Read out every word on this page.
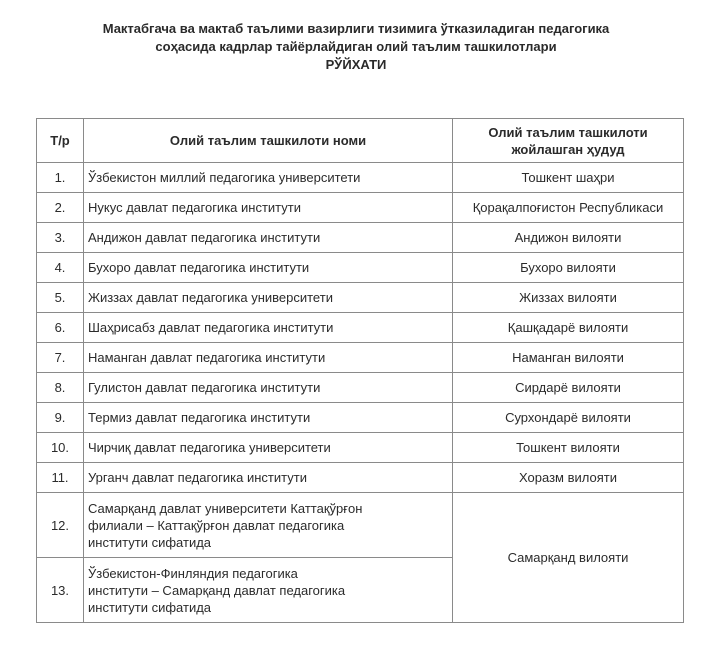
Мактабгача ва мактаб таълими вазирлиги тизимига ўтказиладиган педагогика
соҳасида кадрлар тайёрлайдиган олий таълим ташкилотлари
РЎЙХАТИ
Т/р	Олий таълим ташкилоти номи	Олий таълим ташкилоти
жойлашган ҳудуд

1.	Ўзбекистон миллий педагогика университети	Тошкент шаҳри
2.	Нукус давлат педагогика институти	Қорақалпоғистон Республикаси
3.	Андижон давлат педагогика институти	Андижон вилояти
4.	Бухоро давлат педагогика институти	Бухоро вилояти
5.	Жиззах давлат педагогика университети	Жиззах вилояти
6.	Шаҳрисабз давлат педагогика институти	Қашқадарё вилояти
7.	Наманган давлат педагогика институти	Наманган вилояти
8.	Гулистон давлат педагогика институти	Сирдарё вилояти
9.	Термиз давлат педагогика институти	Сурхондарё вилояти
10.	Чирчиқ давлат педагогика университети	Тошкент вилояти
11.	Урганч давлат педагогика институти	Хоразм вилояти
12.	Самарқанд давлат университети Каттақўрғон
филиали – Каттақўрғон давлат педагогика
институти сифатида	Самарқанд вилояти
13.	Ўзбекистон-Финляндия педагогика
институти – Самарқанд давлат педагогика
институти сифатида	
